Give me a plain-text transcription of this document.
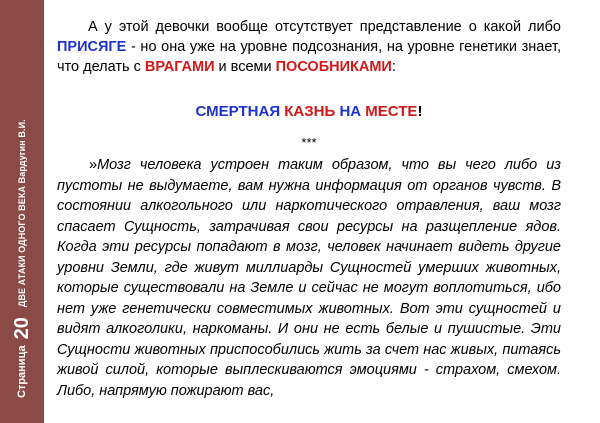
Страница
20
ДВЕ АТАКИ ОДНОГО ВЕКА Вардугин В.И.
А у этой девочки вообще отсутствует представление о какой либо ПРИСЯГЕ - но она уже на уровне подсознания, на уровне генетики знает, что делать с ВРАГАМИ и всеми ПОСОБНИКАМИ:
СМЕРТНАЯ КАЗНЬ НА МЕСТЕ!
***
»Мозг человека устроен таким образом, что вы чего либо из пустоты не выдумаете, вам нужна информация от органов чувств. В состоянии алкогольного или наркотического отравления, ваш мозг спасает Сущность, затрачивая свои ресурсы на разщепление ядов. Когда эти ресурсы попадают в мозг, человек начинает видеть другие уровни Земли, где живут миллиарды Сущностей умерших животных, которые существовали на Земле и сейчас не могут воплотиться, ибо нет уже генетически совместимых животных. Вот эти сущностей и видят алкоголики, наркоманы. И они не есть белые и пушистые. Эти Сущности животных приспособились жить за счет нас живых, питаясь живой силой, которые выплескиваются эмоциями - страхом, смехом. Либо, напрямую пожирают вас,
